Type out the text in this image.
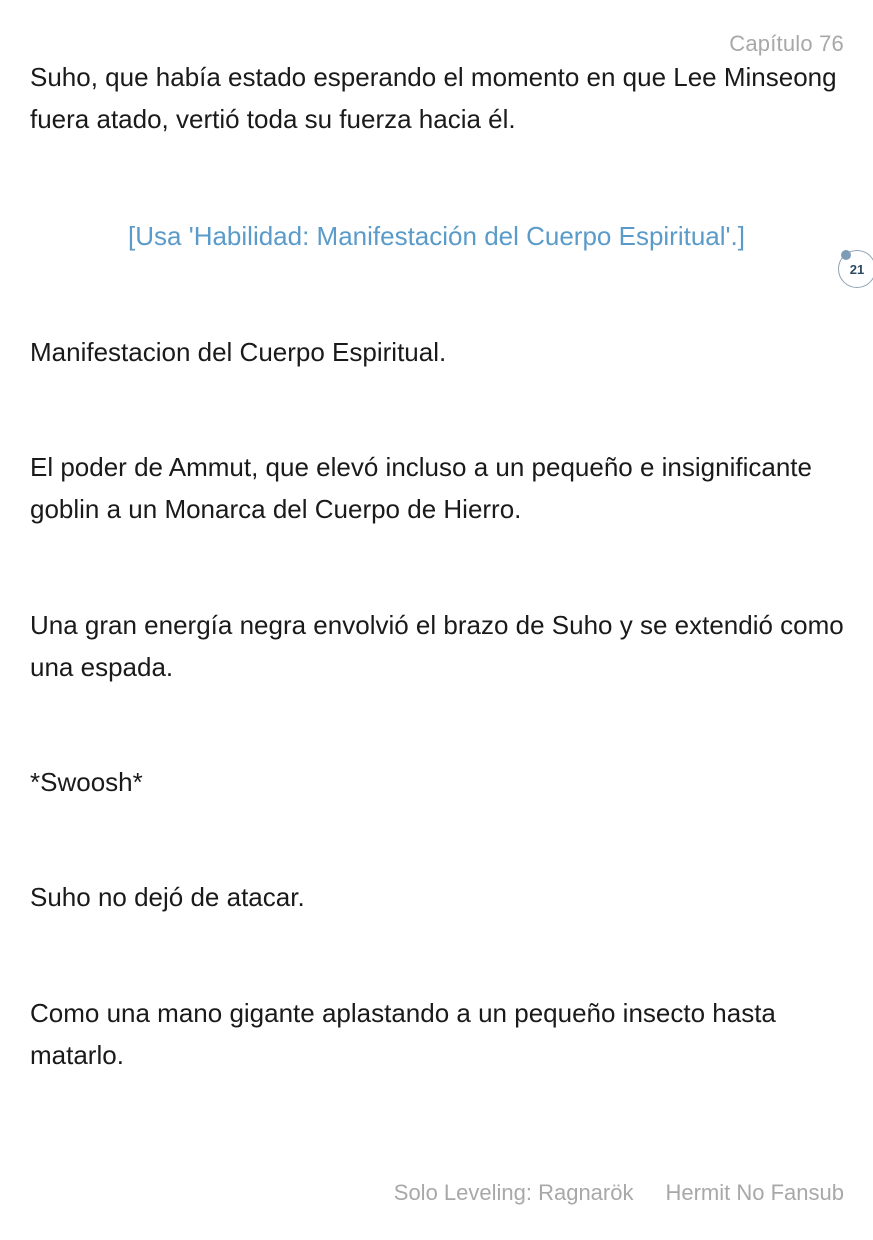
Capítulo 76

Suho, que había estado esperando el momento en que Lee Minseong fuera atado, vertió toda su fuerza hacia él.

[Usa 'Habilidad: Manifestación del Cuerpo Espiritual'.]
21

Manifestacion del Cuerpo Espiritual.

El poder de Ammut, que elevó incluso a un pequeño e insignificante goblin a un Monarca del Cuerpo de Hierro.

Una gran energía negra envolvió el brazo de Suho y se extendió como una espada.

*Swoosh*

Suho no dejó de atacar.

Como una mano gigante aplastando a un pequeño insecto hasta matarlo.

Solo Leveling: Ragnarök Hermit No Fansub
